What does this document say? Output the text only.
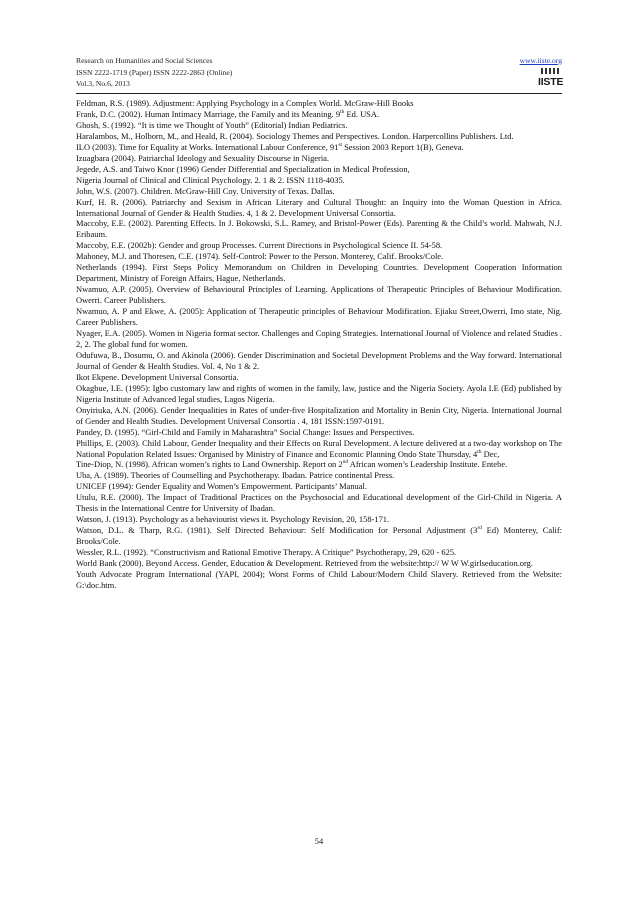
Research on Humanities and Social Sciences
ISSN 2222-1719 (Paper) ISSN 2222-2863 (Online)
Vol.3, No.6, 2013
www.iiste.org
IISTE

Feldman, R.S. (1989). Adjustment: Applying Psychology in a Complex World. McGraw-Hill Books

Frank, D.C. (2002). Human Intimacy Marriage, the Family and its Meaning. 9th Ed. USA.

Ghosh, S. (1992). “It is time we Thought of Youth” (Editorial) Indian Pediatrics.

Haralambos, M., Holborn, M., and Heald, R. (2004). Sociology Themes and Perspectives. London. Harpercollins Publishers. Ltd.

ILO (2003). Time for Equality at Works. International Labour Conference, 91st Session 2003 Report 1(B), Geneva.

Izuagbara (2004). Patriarchal Ideology and Sexuality Discourse in Nigeria.

Jegede, A.S. and Taiwo Knor (1996) Gender Differential and Specialization in Medical Profession,

Nigeria Journal of Clinical and Clinical Psychology. 2. 1 & 2. ISSN 1118-4035.

John, W.S. (2007). Children. McGraw-Hill Coy. University of Texas. Dallas.

Kurf, H. R. (2006). Patriarchy and Sexism in African Literary and Cultural Thought: an Inquiry into the Woman Question in Africa. International Journal of Gender & Health Studies. 4, 1 & 2. Development Universal Consortia.

Maccoby, E.E. (2002). Parenting Effects. In J. Bokowski, S.L. Ramey, and Bristol-Power (Eds). Parenting & the Child’s world. Mahwah, N.J. Eribaum.

Maccoby, E.E. (2002b): Gender and group Processes. Current Directions in Psychological Science II. 54-58.

Mahoney, M.J. and Thoresen, C.E. (1974). Self-Control: Power to the Person. Monterey, Calif. Brooks/Cole.

Netherlands (1994). First Steps Policy Memorandum on Children in Developing Countries. Development Cooperation Information Department, Ministry of Foreign Affairs, Hague, Netherlands.

Nwamuo, A.P. (2005). Overview of Behavioural Principles of Learning. Applications of Therapeutic Principles of Behaviour Modification. Owerri. Career Publishers.

Nwamuo, A. P and Ekwe, A. (2005): Application of Therapeutic principles of Behaviour Modification. Ejiaku Street,Owerri, Imo state, Nig. Career Publishers.

Nyager, E.A. (2005). Women in Nigeria format sector. Challenges and Coping Strategies. International Journal of Violence and related Studies . 2, 2. The global fund for women.

Odufuwa, B., Dosumu, O. and Akinola (2006). Gender Discrimination and Societal Development Problems and the Way forward. International Journal of Gender & Health Studies. Vol. 4, No 1 & 2.

Ikot Ekpene. Development Universal Consortia.

Okagbue, I.E. (1995): Igbo customary law and rights of women in the family, law, justice and the Nigeria Society. Ayola I.E (Ed) published by Nigeria Institute of Advanced legal studies, Lagos Nigeria.

Onyiriuka, A.N. (2006). Gender Inequalities in Rates of under-five Hospitalization and Mortality in Benin City, Nigeria. International Journal of Gender and Health Studies. Development Universal Consortia . 4, 181 ISSN:1597-0191.

Pandey, D. (1995). “Girl-Child and Family in Maharashtra” Social Change: Issues and Perspectives.

Phillips, E. (2003). Child Labour, Gender Inequality and their Effects on Rural Development. A lecture delivered at a two-day workshop on The National Population Related Issues: Organised by Ministry of Finance and Economic Planning Ondo State Thursday, 4th Dec,

Tine-Diop, N. (1998). African women’s rights to Land Ownership. Report on 2nd African women’s Leadership Institute. Entebe.

Uba, A. (1989). Theories of Counselling and Psychotherapy. Ibadan. Patrice continental Press.

UNICEF (1994): Gender Equality and Women’s Empowerment. Participants’ Manual.

Utulu, R.E. (2000). The Impact of Traditional Practices on the Psychosocial and Educational development of the Girl-Child in Nigeria. A Thesis in the International Centre for University of Ibadan.

Watson, J. (1913). Psychology as a behaviourist views it. Psychology Revision, 20, 158-171.

Watson, D.L. & Tharp, R.G. (1981). Self Directed Behaviour: Self Modification for Personal Adjustment (3rd Ed) Monterey, Calif: Brooks/Cole.

Wessler, R.L. (1992). “Constructivism and Rational Emotive Therapy. A Critique” Psychotherapy, 29, 620 - 625.

World Bank (2000). Beyond Access. Gender, Education & Development. Retrieved from the website:http:// W W W.girlseducation.org.

Youth Advocate Program International (YAPI, 2004); Worst Forms of Child Labour/Modern Child Slavery. Retrieved from the Website: G:\doc.htm.

54
